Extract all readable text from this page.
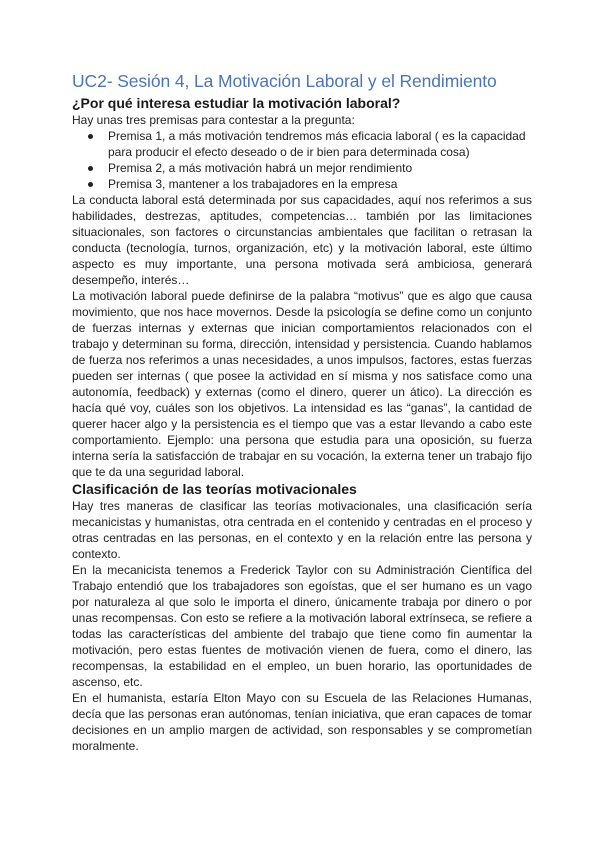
UC2- Sesión 4, La Motivación Laboral y el Rendimiento
¿Por qué interesa estudiar la motivación laboral?

Hay unas tres premisas para contestar a la pregunta:

Premisa 1, a más motivación tendremos más eficacia laboral ( es la capacidad para producir el efecto deseado o de ir bien para determinada cosa)
Premisa 2, a más motivación habrá un mejor rendimiento
Premisa 3, mantener a los trabajadores en la empresa

La conducta laboral está determinada por sus capacidades, aquí nos referimos a sus habilidades, destrezas, aptitudes, competencias… también por las limitaciones situacionales, son factores o circunstancias ambientales que facilitan o retrasan la conducta (tecnología, turnos, organización, etc) y la motivación laboral, este último aspecto es muy importante, una persona motivada será ambiciosa, generará desempeño, interés…

La motivación laboral puede definirse de la palabra “motivus” que es algo que causa movimiento, que nos hace movernos. Desde la psicología se define como un conjunto de fuerzas internas y externas que inician comportamientos relacionados con el trabajo y determinan su forma, dirección, intensidad y persistencia. Cuando hablamos de fuerza nos referimos a unas necesidades, a unos impulsos, factores, estas fuerzas pueden ser internas ( que posee la actividad en sí misma y nos satisface como una autonomía, feedback) y externas (como el dinero, querer un ático). La dirección es hacía qué voy, cuáles son los objetivos. La intensidad es las “ganas”, la cantidad de querer hacer algo y la persistencia es el tiempo que vas a estar llevando a cabo este comportamiento. Ejemplo: una persona que estudia para una oposición, su fuerza interna sería la satisfacción de trabajar en su vocación, la externa tener un trabajo fijo que te da una seguridad laboral.

Clasificación de las teorías motivacionales

Hay tres maneras de clasificar las teorías motivacionales, una clasificación sería mecanicistas y humanistas, otra centrada en el contenido y centradas en el proceso y otras centradas en las personas, en el contexto y en la relación entre las persona y contexto.

En la mecanicista tenemos a Frederick Taylor con su Administración Científica del Trabajo entendió que los trabajadores son egoístas, que el ser humano es un vago por naturaleza al que solo le importa el dinero, únicamente trabaja por dinero o por unas recompensas. Con esto se refiere a la motivación laboral extrínseca, se refiere a todas las características del ambiente del trabajo que tiene como fin aumentar la motivación, pero estas fuentes de motivación vienen de fuera, como el dinero, las recompensas, la estabilidad en el empleo, un buen horario, las oportunidades de ascenso, etc.

En el humanista, estaría Elton Mayo con su Escuela de las Relaciones Humanas, decía que las personas eran autónomas, tenían iniciativa, que eran capaces de tomar decisiones en un amplio margen de actividad, son responsables y se comprometían moralmente.
